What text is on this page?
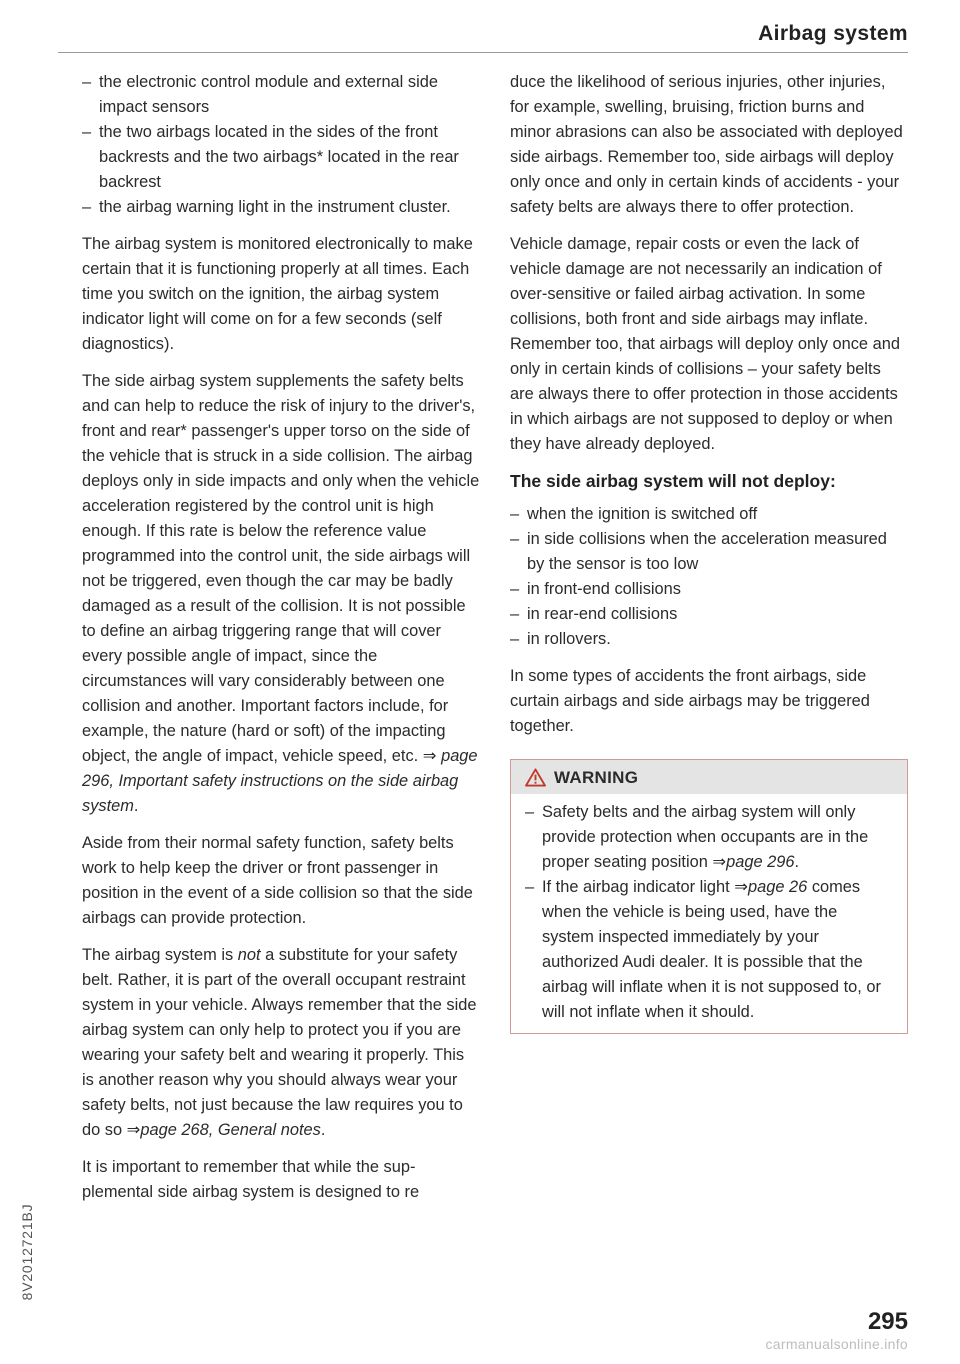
Airbag system
– the electronic control module and external side impact sensors
– the two airbags located in the sides of the front backrests and the two airbags* located in the rear backrest
– the airbag warning light in the instrument cluster.

The airbag system is monitored electronically to make certain that it is functioning properly at all times. Each time you switch on the ignition, the airbag system indicator light will come on for a few seconds (self diagnostics).

The side airbag system supplements the safety belts and can help to reduce the risk of injury to the driver's, front and rear* passenger's upper torso on the side of the vehicle that is struck in a side collision. The airbag deploys only in side impacts and only when the vehicle acceleration registered by the control unit is high enough. If this rate is below the reference value programmed into the control unit, the side airbags will not be triggered, even though the car may be badly damaged as a result of the collision. It is not possible to define an airbag triggering range that will cover every possible angle of impact, since the circumstances will vary considerably between one collision and another. Important factors include, for example, the nature (hard or soft) of the impacting object, the angle of impact, vehicle speed, etc. ⇒ page 296, Important safety instructions on the side airbag system.

Aside from their normal safety function, safety belts work to help keep the driver or front passenger in position in the event of a side collision so that the side airbags can provide protection.

The airbag system is not a substitute for your safety belt. Rather, it is part of the overall occupant restraint system in your vehicle. Always remember that the side airbag system can only help to protect you if you are wearing your safety belt and wearing it properly. This is another reason why you should always wear your safety belts, not just because the law requires you to do so ⇒page 268, General notes.

It is important to remember that while the supplemental side airbag system is designed to re

duce the likelihood of serious injuries, other injuries, for example, swelling, bruising, friction burns and minor abrasions can also be associated with deployed side airbags. Remember too, side airbags will deploy only once and only in certain kinds of accidents - your safety belts are always there to offer protection.

Vehicle damage, repair costs or even the lack of vehicle damage are not necessarily an indication of over-sensitive or failed airbag activation. In some collisions, both front and side airbags may inflate. Remember too, that airbags will deploy only once and only in certain kinds of collisions – your safety belts are always there to offer protection in those accidents in which airbags are not supposed to deploy or when they have already deployed.

The side airbag system will not deploy:
– when the ignition is switched off
– in side collisions when the acceleration measured by the sensor is too low
– in front-end collisions
– in rear-end collisions
– in rollovers.

In some types of accidents the front airbags, side curtain airbags and side airbags may be triggered together.

WARNING
– Safety belts and the airbag system will only provide protection when occupants are in the proper seating position ⇒page 296.
– If the airbag indicator light ⇒page 26 comes when the vehicle is being used, have the system inspected immediately by your authorized Audi dealer. It is possible that the airbag will inflate when it is not supposed to, or will not inflate when it should.
8V2012721BJ
295
carmanualsonline.info
